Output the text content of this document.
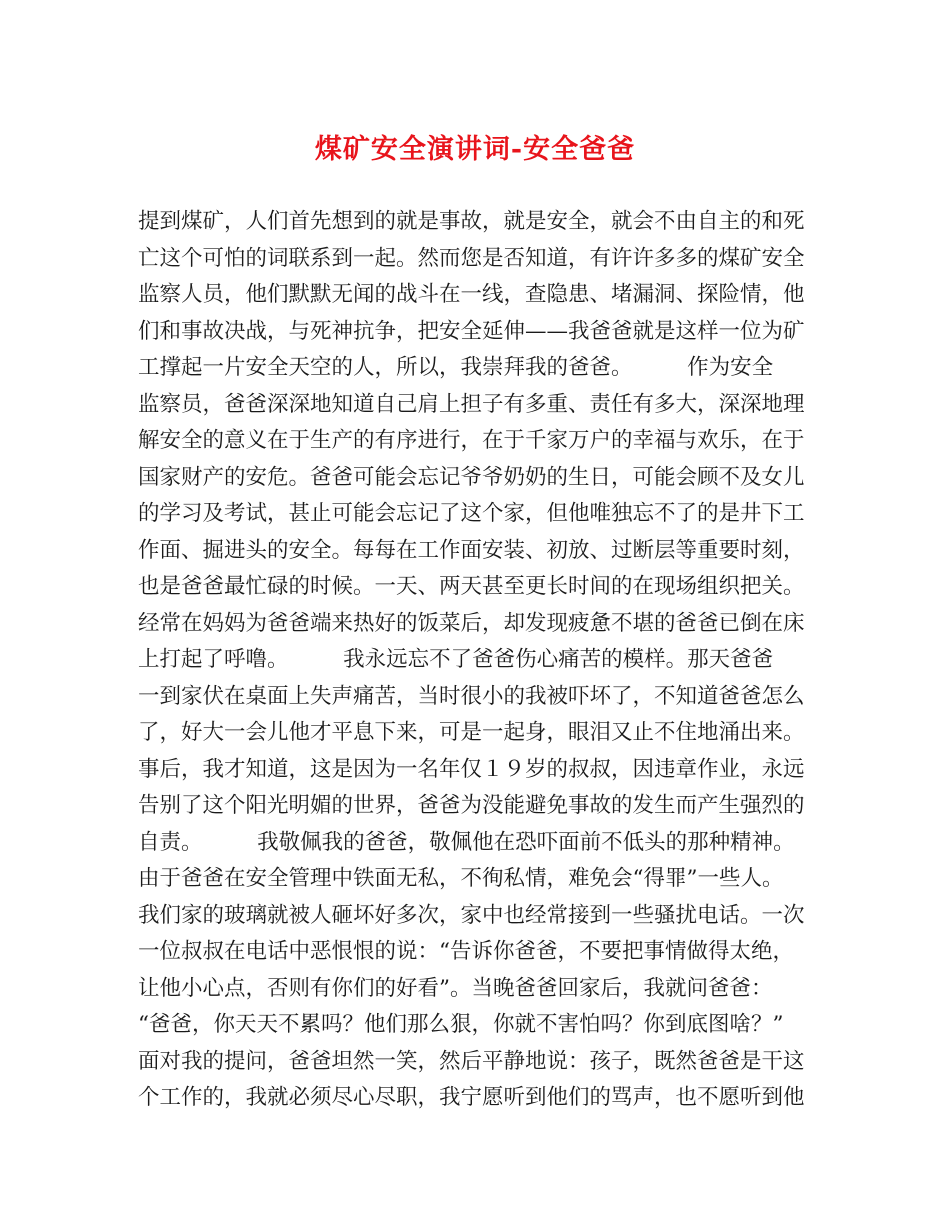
煤矿安全演讲词-安全爸爸
提到煤矿，人们首先想到的就是事故，就是安全，就会不由自主的和死
亡这个可怕的词联系到一起。然而您是否知道，有许许多多的煤矿安全
监察人员，他们默默无闻的战斗在一线，查隐患、堵漏洞、探险情，他
们和事故决战，与死神抗争，把安全延伸——我爸爸就是这样一位为矿
工撑起一片安全天空的人，所以，我崇拜我的爸爸。        作为安全
监察员，爸爸深深地知道自己肩上担子有多重、责任有多大，深深地理
解安全的意义在于生产的有序进行，在于千家万户的幸福与欢乐，在于
国家财产的安危。爸爸可能会忘记爷爷奶奶的生日，可能会顾不及女儿
的学习及考试，甚止可能会忘记了这个家，但他唯独忘不了的是井下工
作面、掘进头的安全。每每在工作面安装、初放、过断层等重要时刻，
也是爸爸最忙碌的时候。一天、两天甚至更长时间的在现场组织把关。
经常在妈妈为爸爸端来热好的饭菜后，却发现疲惫不堪的爸爸已倒在床
上打起了呼噜。        我永远忘不了爸爸伤心痛苦的模样。那天爸爸
一到家伏在桌面上失声痛苦，当时很小的我被吓坏了，不知道爸爸怎么
了，好大一会儿他才平息下来，可是一起身，眼泪又止不住地涌出来。
事后，我才知道，这是因为一名年仅１９岁的叔叔，因违章作业，永远
告别了这个阳光明媚的世界，爸爸为没能避免事故的发生而产生强烈的
自责。        我敬佩我的爸爸，敬佩他在恐吓面前不低头的那种精神。
由于爸爸在安全管理中铁面无私，不徇私情，难免会“得罪”一些人。
我们家的玻璃就被人砸坏好多次，家中也经常接到一些骚扰电话。一次
一位叔叔在电话中恶恨恨的说：“告诉你爸爸，不要把事情做得太绝，
让他小心点，否则有你们的好看”。当晚爸爸回家后，我就问爸爸：
“爸爸，你天天不累吗？他们那么狠，你就不害怕吗？你到底图啥？”
面对我的提问，爸爸坦然一笑，然后平静地说：孩子，既然爸爸是干这
个工作的，我就必须尽心尽职，我宁愿听到他们的骂声，也不愿听到他
